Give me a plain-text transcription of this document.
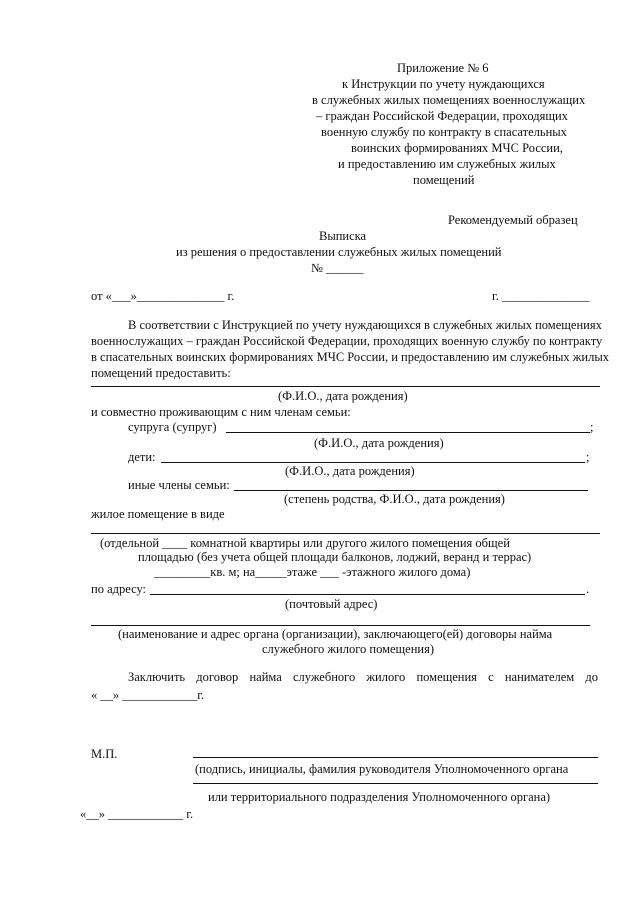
Приложение № 6
к Инструкции по учету нуждающихся
в служебных жилых помещениях военнослужащих
– граждан Российской Федерации, проходящих
военную службу по контракту в спасательных
воинских формированиях МЧС России,
и предоставлению им служебных жилых
помещений
Рекомендуемый образец
Выписка
из решения о предоставлении служебных жилых помещений
№ ______
от «___»______________ г.	г. ______________
В соответствии с Инструкцией по учету нуждающихся в служебных жилых помещениях
военнослужащих – граждан Российской Федерации, проходящих военную службу по контракту
в спасательных воинских формированиях МЧС России, и предоставлению им служебных жилых
помещений предоставить:
(Ф.И.О., дата рождения)
и совместно проживающим с ним членам семьи:
супруга (супруг)	;
(Ф.И.О., дата рождения)
дети:	;
(Ф.И.О., дата рождения)
иные члены семьи:
(степень родства, Ф.И.О., дата рождения)
жилое помещение в виде
(отдельной ____ комнатной квартиры или другого жилого помещения общей
площадью (без учета общей площади балконов, лоджий, веранд и террас)
_________кв. м; на_____этаже ___ -этажного жилого дома)
по адресу:	.
(почтовый адрес)
(наименование и адрес органа (организации), заключающего(ей) договоры найма
служебного жилого помещения)
Заключить договор найма служебного жилого помещения с нанимателем до
« __» ____________г.
М.П.
(подпись, инициалы, фамилия руководителя Уполномоченного органа
или территориального подразделения Уполномоченного органа)
«__» ____________ г.
